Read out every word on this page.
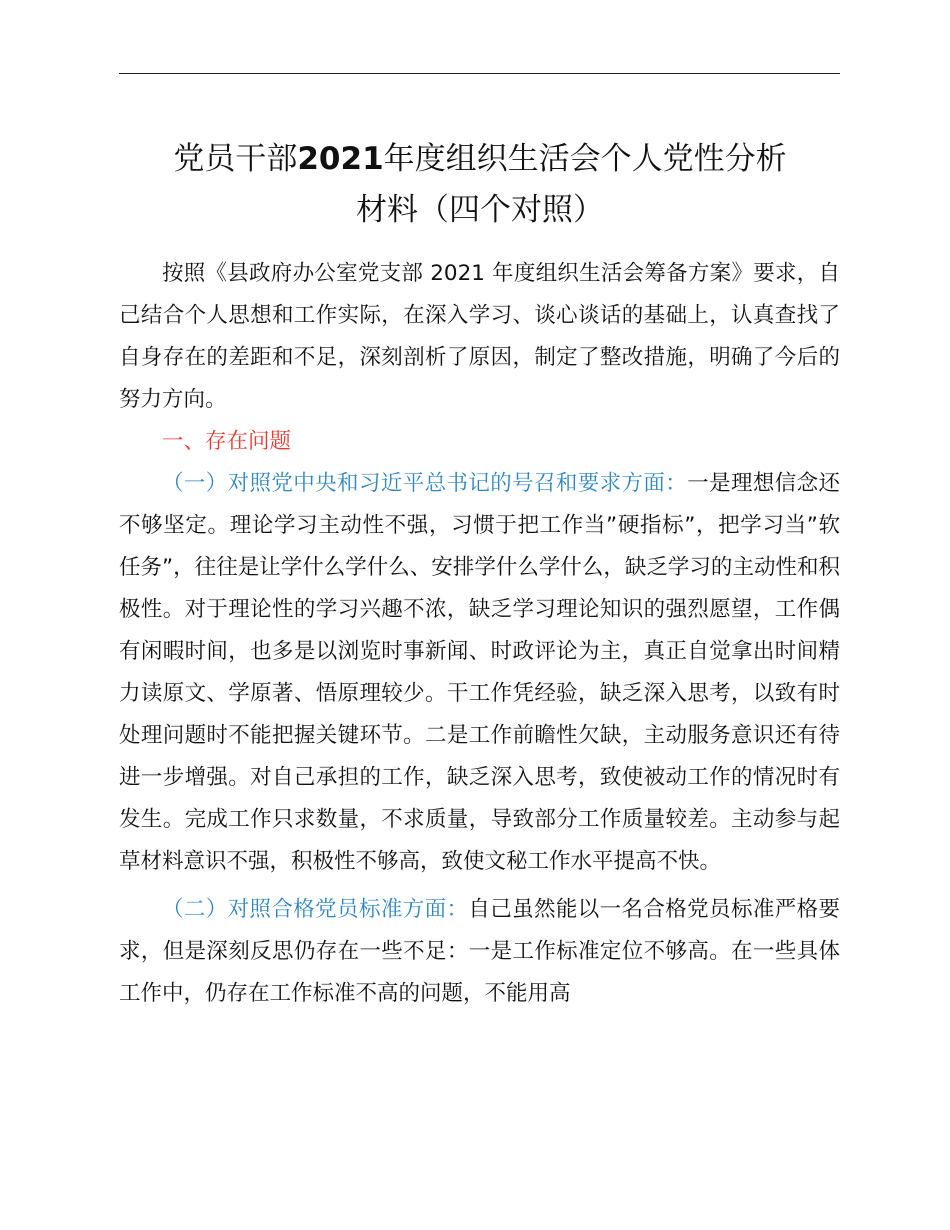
党员干部2021年度组织生活会个人党性分析
材料（四个对照）

按照《县政府办公室党支部 2021 年度组织生活会筹备方案》要求，自己结合个人思想和工作实际，在深入学习、谈心谈话的基础上，认真查找了自身存在的差距和不足，深刻剖析了原因，制定了整改措施，明确了今后的努力方向。

一、存在问题

（一）对照党中央和习近平总书记的号召和要求方面：一是理想信念还不够坚定。理论学习主动性不强，习惯于把工作当”硬指标”，把学习当”软任务”，往往是让学什么学什么、安排学什么学什么，缺乏学习的主动性和积极性。对于理论性的学习兴趣不浓，缺乏学习理论知识的强烈愿望，工作偶有闲暇时间，也多是以浏览时事新闻、时政评论为主，真正自觉拿出时间精力读原文、学原著、悟原理较少。干工作凭经验，缺乏深入思考，以致有时处理问题时不能把握关键环节。二是工作前瞻性欠缺，主动服务意识还有待进一步增强。对自己承担的工作，缺乏深入思考，致使被动工作的情况时有发生。完成工作只求数量，不求质量，导致部分工作质量较差。主动参与起草材料意识不强，积极性不够高，致使文秘工作水平提高不快。

（二）对照合格党员标准方面：自己虽然能以一名合格党员标准严格要求，但是深刻反思仍存在一些不足：一是工作标准定位不够高。在一些具体工作中，仍存在工作标准不高的问题，不能用高
